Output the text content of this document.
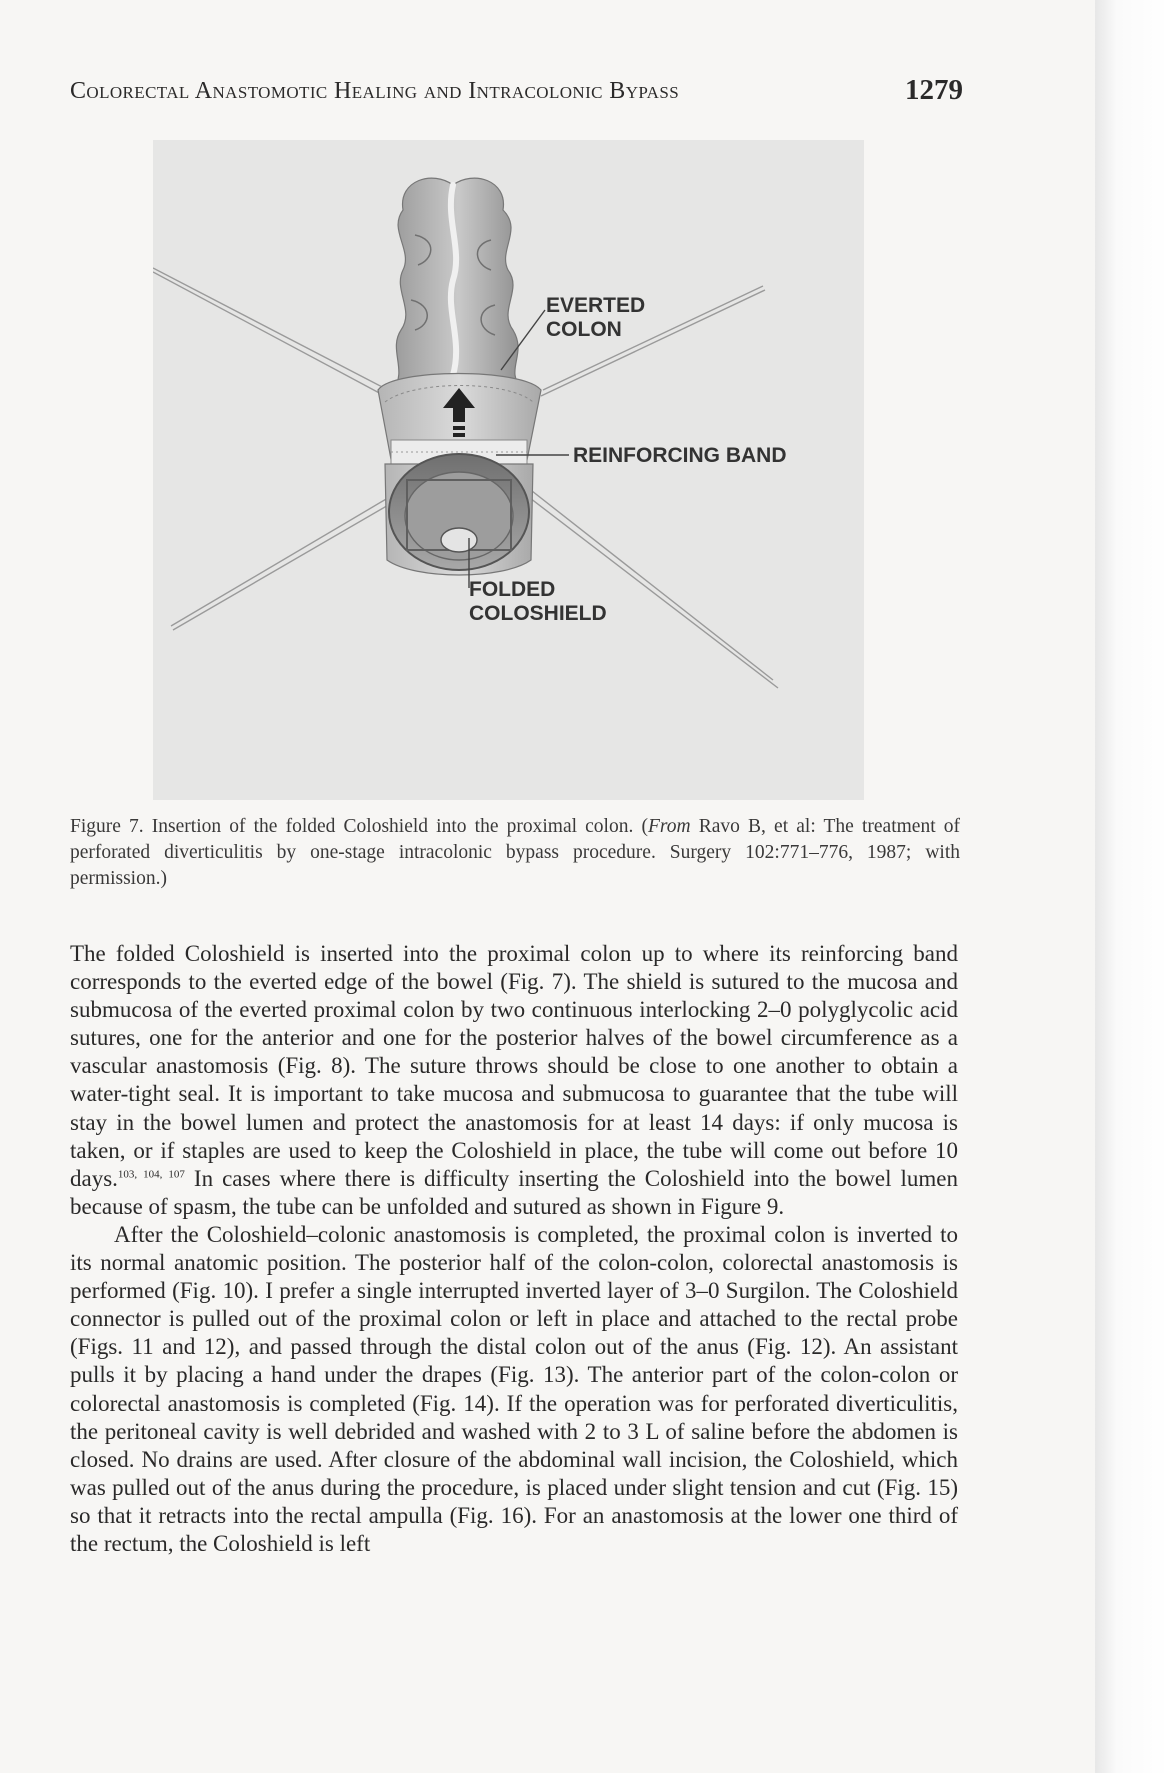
Colorectal Anastomotic Healing and Intracolonic Bypass	1279
EVERTED
COLON
REINFORCING BAND
FOLDED
COLOSHIELD
Figure 7. Insertion of the folded Coloshield into the proximal colon. (From Ravo B, et al: The treatment of perforated diverticulitis by one-stage intracolonic bypass procedure. Surgery 102:771–776, 1987; with permission.)

The folded Coloshield is inserted into the proximal colon up to where its reinforcing band corresponds to the everted edge of the bowel (Fig. 7). The shield is sutured to the mucosa and submucosa of the everted proximal colon by two continuous interlocking 2–0 polyglycolic acid sutures, one for the anterior and one for the posterior halves of the bowel circumference as a vascular anastomosis (Fig. 8). The suture throws should be close to one another to obtain a water-tight seal. It is important to take mucosa and submucosa to guarantee that the tube will stay in the bowel lumen and protect the anastomosis for at least 14 days: if only mucosa is taken, or if staples are used to keep the Coloshield in place, the tube will come out before 10 days.$^{103, 104, 107}$ In cases where there is difficulty inserting the Coloshield into the bowel lumen because of spasm, the tube can be unfolded and sutured as shown in Figure 9.

After the Coloshield–colonic anastomosis is completed, the proximal colon is inverted to its normal anatomic position. The posterior half of the colon-colon, colorectal anastomosis is performed (Fig. 10). I prefer a single interrupted inverted layer of 3–0 Surgilon. The Coloshield connector is pulled out of the proximal colon or left in place and attached to the rectal probe (Figs. 11 and 12), and passed through the distal colon out of the anus (Fig. 12). An assistant pulls it by placing a hand under the drapes (Fig. 13). The anterior part of the colon-colon or colorectal anastomosis is completed (Fig. 14). If the operation was for perforated diverticulitis, the peritoneal cavity is well debrided and washed with 2 to 3 L of saline before the abdomen is closed. No drains are used. After closure of the abdominal wall incision, the Coloshield, which was pulled out of the anus during the procedure, is placed under slight tension and cut (Fig. 15) so that it retracts into the rectal ampulla (Fig. 16). For an anastomosis at the lower one third of the rectum, the Coloshield is left
